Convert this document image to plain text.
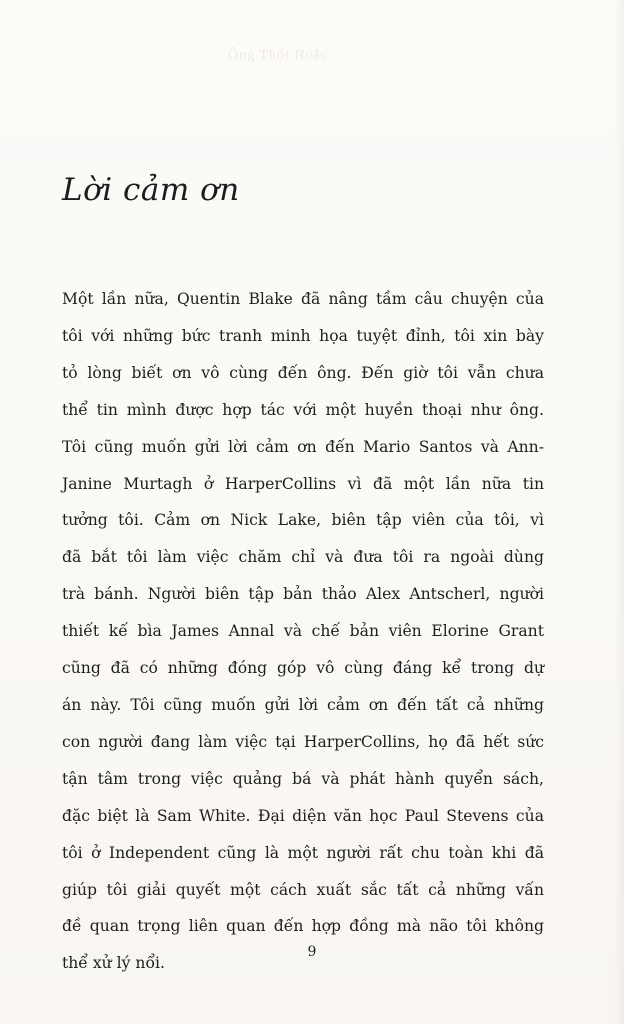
Ông Thối Hoắc
Lời cảm ơn
Một lần nữa, Quentin Blake đã nâng tầm câu chuyện của
tôi với những bức tranh minh họa tuyệt đỉnh, tôi xin bày
tỏ lòng biết ơn vô cùng đến ông. Đến giờ tôi vẫn chưa
thể tin mình được hợp tác với một huyền thoại như ông.
Tôi cũng muốn gửi lời cảm ơn đến Mario Santos và Ann-
Janine Murtagh ở HarperCollins vì đã một lần nữa tin
tưởng tôi. Cảm ơn Nick Lake, biên tập viên của tôi, vì
đã bắt tôi làm việc chăm chỉ và đưa tôi ra ngoài dùng
trà bánh. Người biên tập bản thảo Alex Antscherl, người
thiết kế bìa James Annal và chế bản viên Elorine Grant
cũng đã có những đóng góp vô cùng đáng kể trong dự
án này. Tôi cũng muốn gửi lời cảm ơn đến tất cả những
con người đang làm việc tại HarperCollins, họ đã hết sức
tận tâm trong việc quảng bá và phát hành quyển sách,
đặc biệt là Sam White. Đại diện văn học Paul Stevens của
tôi ở Independent cũng là một người rất chu toàn khi đã
giúp tôi giải quyết một cách xuất sắc tất cả những vấn
đề quan trọng liên quan đến hợp đồng mà não tôi không
thể xử lý nổi.
9
